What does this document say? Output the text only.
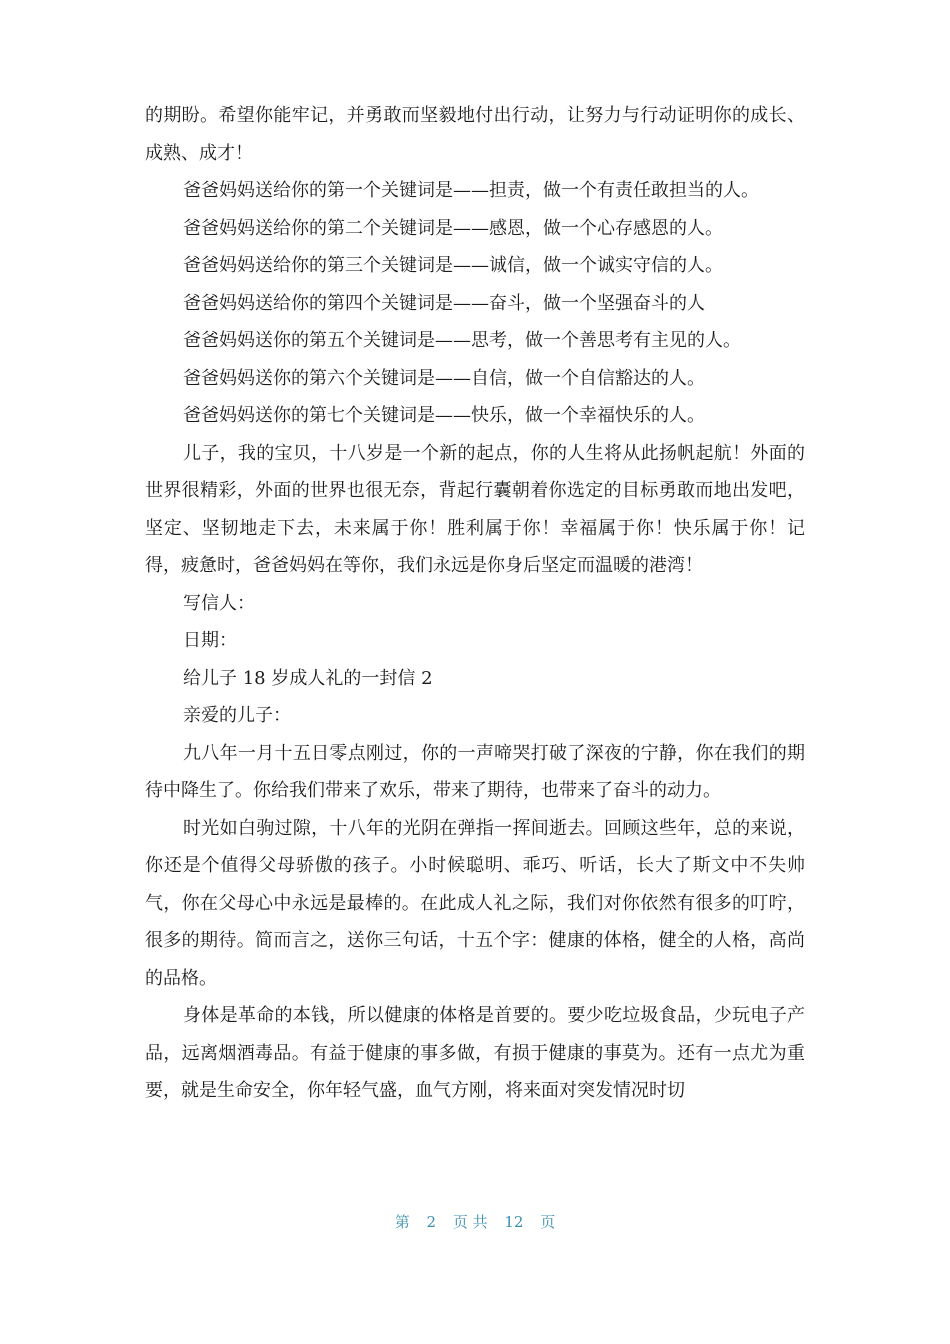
的期盼。希望你能牢记，并勇敢而坚毅地付出行动，让努力与行动证明你的成长、成熟、成才！

爸爸妈妈送给你的第一个关键词是——担责，做一个有责任敢担当的人。

爸爸妈妈送给你的第二个关键词是——感恩，做一个心存感恩的人。

爸爸妈妈送给你的第三个关键词是——诚信，做一个诚实守信的人。

爸爸妈妈送给你的第四个关键词是——奋斗，做一个坚强奋斗的人

爸爸妈妈送你的第五个关键词是——思考，做一个善思考有主见的人。

爸爸妈妈送你的第六个关键词是——自信，做一个自信豁达的人。

爸爸妈妈送你的第七个关键词是——快乐，做一个幸福快乐的人。

儿子，我的宝贝，十八岁是一个新的起点，你的人生将从此扬帆起航！外面的世界很精彩，外面的世界也很无奈，背起行囊朝着你选定的目标勇敢而地出发吧，坚定、坚韧地走下去，未来属于你！胜利属于你！幸福属于你！快乐属于你！记得，疲惫时，爸爸妈妈在等你，我们永远是你身后坚定而温暖的港湾！

写信人：

日期：

给儿子 18 岁成人礼的一封信 2

亲爱的儿子：

九八年一月十五日零点刚过，你的一声啼哭打破了深夜的宁静，你在我们的期待中降生了。你给我们带来了欢乐，带来了期待，也带来了奋斗的动力。

时光如白驹过隙，十八年的光阴在弹指一挥间逝去。回顾这些年，总的来说，你还是个值得父母骄傲的孩子。小时候聪明、乖巧、听话，长大了斯文中不失帅气，你在父母心中永远是最棒的。在此成人礼之际，我们对你依然有很多的叮咛，很多的期待。简而言之，送你三句话，十五个字：健康的体格，健全的人格，高尚的品格。

身体是革命的本钱，所以健康的体格是首要的。要少吃垃圾食品，少玩电子产品，远离烟酒毒品。有益于健康的事多做，有损于健康的事莫为。还有一点尤为重要，就是生命安全，你年轻气盛，血气方刚，将来面对突发情况时切

第 2 页 共 12 页
